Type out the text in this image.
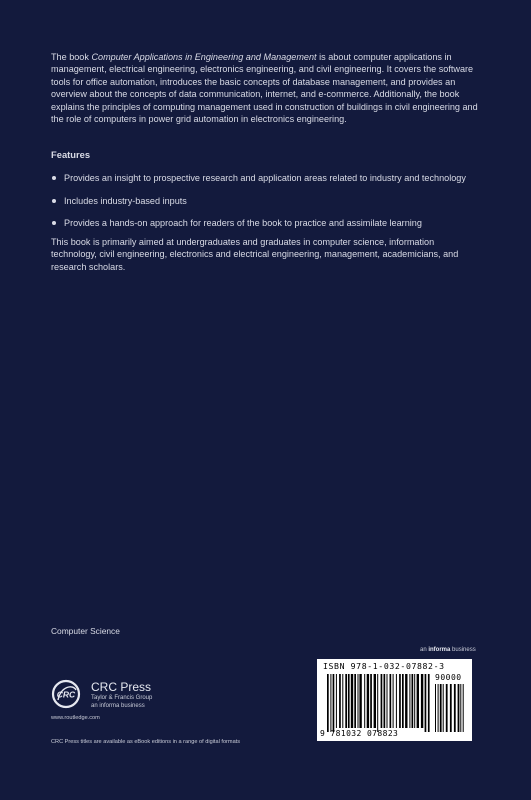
The book Computer Applications in Engineering and Management is about computer applications in management, electrical engineering, electronics engineering, and civil engineering. It covers the software tools for office automation, introduces the basic concepts of database management, and provides an overview about the concepts of data communication, internet, and e-commerce. Additionally, the book explains the principles of computing management used in construction of buildings in civil engineering and the role of computers in power grid automation in electronics engineering.

Features

Provides an insight to prospective research and application areas related to industry and technology
Includes industry-based inputs
Provides a hands-on approach for readers of the book to practice and assimilate learning

This book is primarily aimed at undergraduates and graduates in computer science, information technology, civil engineering, electronics and electrical engineering, management, academicians, and research scholars.

Computer Science

CRC
CRC Press
Taylor & Francis Group
an informa business
www.routledge.com
CRC Press titles are available as eBook editions in a range of digital formats
an informa business
ISBN 978-1-032-07882-3
90000
9 781032 078823
